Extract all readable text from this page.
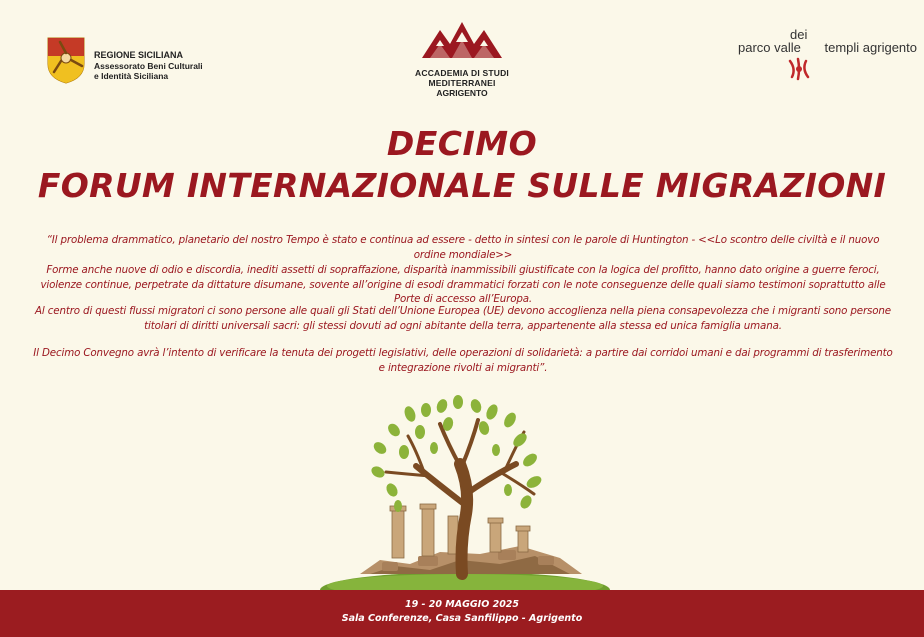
REGIONE SICILIANA
Assessorato Beni Culturali
e Identità Siciliana	ACCADEMIA DI STUDI MEDITERRANEI
AGRIGENTO
parco valle
dei
templi agrigento
DECIMO
FORUM INTERNAZIONALE SULLE MIGRAZIONI
“Il problema drammatico, planetario del nostro Tempo è stato e continua ad essere - detto in sintesi con le parole di Huntington - <<Lo scontro delle civiltà e il nuovo ordine mondiale>>
Forme anche nuove di odio e discordia, inediti assetti di sopraffazione, disparità inammissibili giustificate con la logica del profitto, hanno dato origine a guerre feroci, violenze continue, perpetrate da dittature disumane, sovente all’origine di esodi drammatici forzati con le note conseguenze delle quali siamo testimoni soprattutto alle Porte di accesso all’Europa.
Al centro di questi flussi migratori ci sono persone alle quali gli Stati dell’Unione Europea (UE) devono accoglienza nella piena consapevolezza che i migranti sono persone titolari di diritti universali sacri: gli stessi dovuti ad ogni abitante della terra, appartenente alla stessa ed unica famiglia umana.
Il Decimo Convegno avrà l’intento di verificare la tenuta dei progetti legislativi, delle operazioni di solidarietà: a partire dai corridoi umani e dai programmi di trasferimento e integrazione rivolti ai migranti”.
19 - 20 MAGGIO 2025
Sala Conferenze, Casa Sanfilippo - Agrigento
